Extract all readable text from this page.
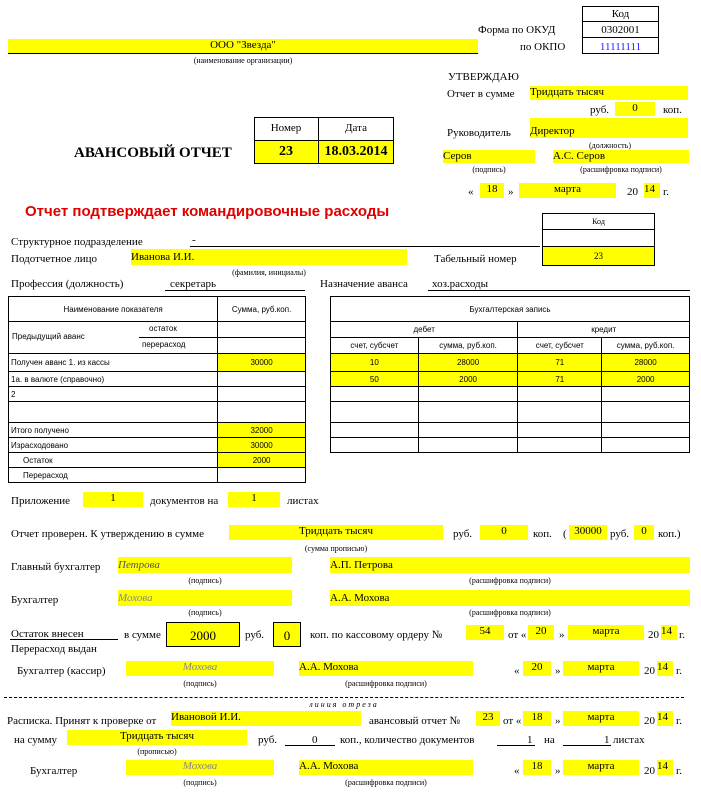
Код
Форма по ОКУД	0302001
по ОКПО	11111111
ООО "Звезда"
(наименование организации)
УТВЕРЖДАЮ
Отчет в сумме Тридцать тысяч
руб.	0	коп.
Руководитель Директор
(должность)
Серов
(подпись)
А.С. Серов
(расшифровка подписи)
«	18 »	марта	20 14 г.
АВАНСОВЫЙ ОТЧЕТ
Номер	Дата
23	18.03.2014
Отчет подтверждает командировочные расходы
Код
Структурное подразделение	-
Подотчетное лицо	Иванова И.И.
(фамилия, инициалы)
Табельный номер	23
Профессия (должность)	секретарь	Назначение аванса хоз.расходы
Наименование показателя	Сумма, руб.коп.

Предыдущий аванс
остаток
перерасход	

Получен аванс 1. из кассы	30000
1а. в валюте (справочно)	
2	

Итого получено	32000
Израсходовано	30000
Остаток	2000
Перерасход	
Бухгалтерская запись			
дебет		кредит	
счет, субсчет	сумма, руб.коп.	счет, субсчет	сумма, руб.коп.
10	28000	71	28000
50	2000	71	2000

Приложение	1	документов на	1	листах
Отчет проверен. К утверждению в сумме	Тридцать тысяч
(сумма прописью)
руб.	0	коп. ( 30000 руб.	0	коп.)
Главный бухгалтер Петрова
(подпись)
А.П. Петрова
(расшифровка подписи)
Бухгалтер	Мохова
(подпись)
А.А. Мохова
(расшифровка подписи)
Остаток внесен
Перерасход выдан
в сумме	2000	руб.	0	коп. по кассовому ордеру №	54	от « 20	»	марта	20 14 г.
Бухгалтер (кассир)	Мохова
(подпись)
А.А. Мохова
(расшифровка подписи)
«	20	»	марта	20 14 г.
линия отреза
Расписка. Принят к проверке от Ивановой И.И.	авансовый отчет №	23 от « 18	»	марта	20 14 г.
на сумму	Тридцать тысяч
(прописью)
руб.	0 коп., количество документов	1 на	1 листах
Бухгалтер	Мохова
(подпись)
А.А. Мохова
(расшифровка подписи)
«	18	»	марта	20 14 г.
